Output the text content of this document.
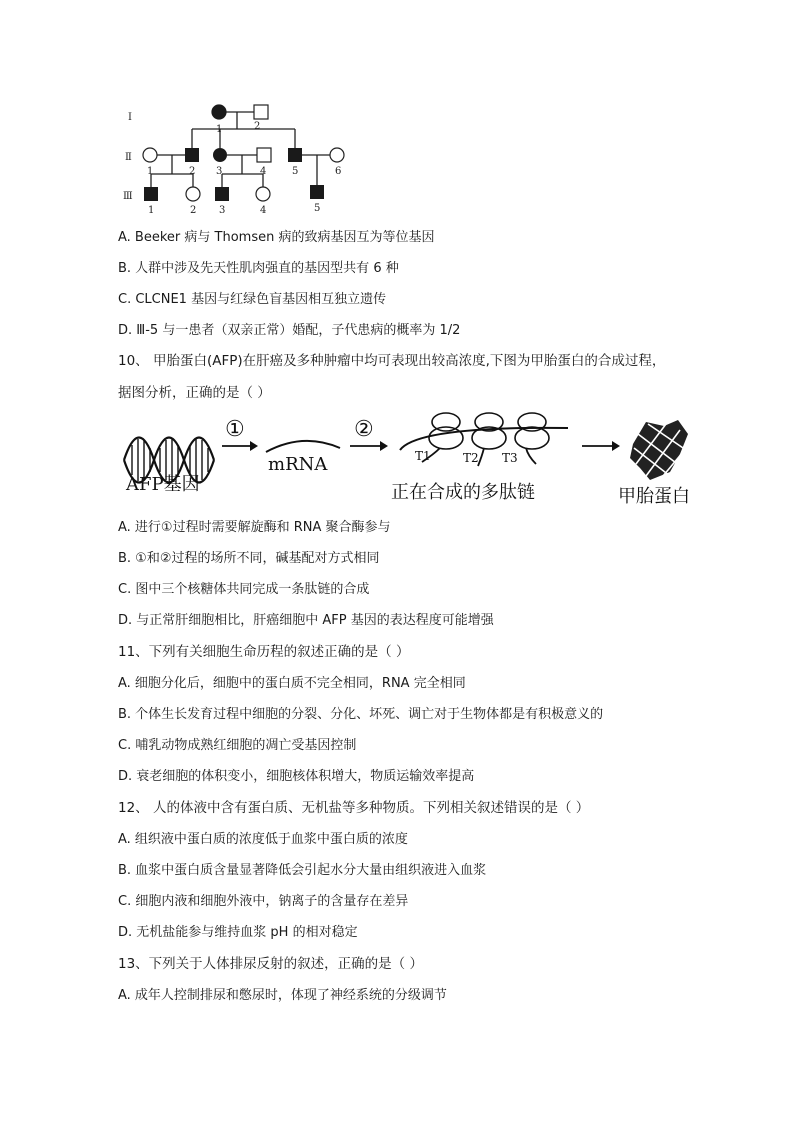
Ⅰ
Ⅱ
Ⅲ
1	2
1	2 3	4	5	6
1	2 3	4	5
A. Beeker 病与 Thomsen 病的致病基因互为等位基因
B. 人群中涉及先天性肌肉强直的基因型共有 6 种
C. CLCNE1 基因与红绿色盲基因相互独立遗传
D. Ⅲ-5 与一患者（双亲正常）婚配，子代患病的概率为 1/2
10、 甲胎蛋白(AFP)在肝癌及多种肿瘤中均可表现出较高浓度,下图为甲胎蛋白的合成过程，
据图分析，正确的是（ ）
AFP基因
①
mRNA
②
T1	T2 T3
正在合成的多肽链	甲胎蛋白
A. 进行①过程时需要解旋酶和 RNA 聚合酶参与
B. ①和②过程的场所不同，碱基配对方式相同
C. 图中三个核糖体共同完成一条肽链的合成
D. 与正常肝细胞相比，肝癌细胞中 AFP 基因的表达程度可能增强
11、下列有关细胞生命历程的叙述正确的是（ ）
A. 细胞分化后，细胞中的蛋白质不完全相同，RNA 完全相同
B. 个体生长发育过程中细胞的分裂、分化、坏死、调亡对于生物体都是有积极意义的
C. 哺乳动物成熟红细胞的凋亡受基因控制
D. 衰老细胞的体积变小，细胞核体积增大，物质运输效率提高
12、 人的体液中含有蛋白质、无机盐等多种物质。下列相关叙述错误的是（ ）
A. 组织液中蛋白质的浓度低于血浆中蛋白质的浓度
B. 血浆中蛋白质含量显著降低会引起水分大量由组织液进入血浆
C. 细胞内液和细胞外液中，钠离子的含量存在差异
D. 无机盐能参与维持血浆 pH 的相对稳定
13、下列关于人体排尿反射的叙述，正确的是（ ）
A. 成年人控制排尿和憋尿时，体现了神经系统的分级调节
